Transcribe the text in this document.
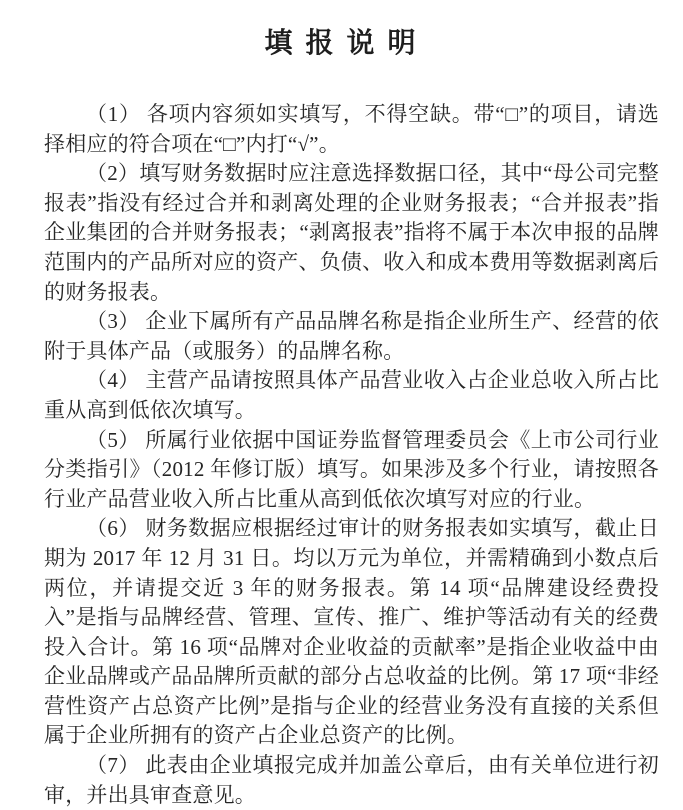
填 报 说 明

（1） 各项内容须如实填写，不得空缺。带“□”的项目，请选择相应的符合项在“□”内打“√”。

（2）填写财务数据时应注意选择数据口径，其中“母公司完整报表”指没有经过合并和剥离处理的企业财务报表；“合并报表”指企业集团的合并财务报表；“剥离报表”指将不属于本次申报的品牌范围内的产品所对应的资产、负债、收入和成本费用等数据剥离后的财务报表。

（3） 企业下属所有产品品牌名称是指企业所生产、经营的依附于具体产品（或服务）的品牌名称。

（4） 主营产品请按照具体产品营业收入占企业总收入所占比重从高到低依次填写。

（5） 所属行业依据中国证券监督管理委员会《上市公司行业分类指引》（2012 年修订版）填写。如果涉及多个行业，请按照各行业产品营业收入所占比重从高到低依次填写对应的行业。

（6） 财务数据应根据经过审计的财务报表如实填写，截止日期为 2017 年 12 月 31 日。均以万元为单位，并需精确到小数点后两位，并请提交近 3 年的财务报表。第 14 项“品牌建设经费投入”是指与品牌经营、管理、宣传、推广、维护等活动有关的经费投入合计。第 16 项“品牌对企业收益的贡献率”是指企业收益中由企业品牌或产品品牌所贡献的部分占总收益的比例。第 17 项“非经营性资产占总资产比例”是指与企业的经营业务没有直接的关系但属于企业所拥有的资产占企业总资产的比例。

（7） 此表由企业填报完成并加盖公章后，由有关单位进行初审，并出具审查意见。
